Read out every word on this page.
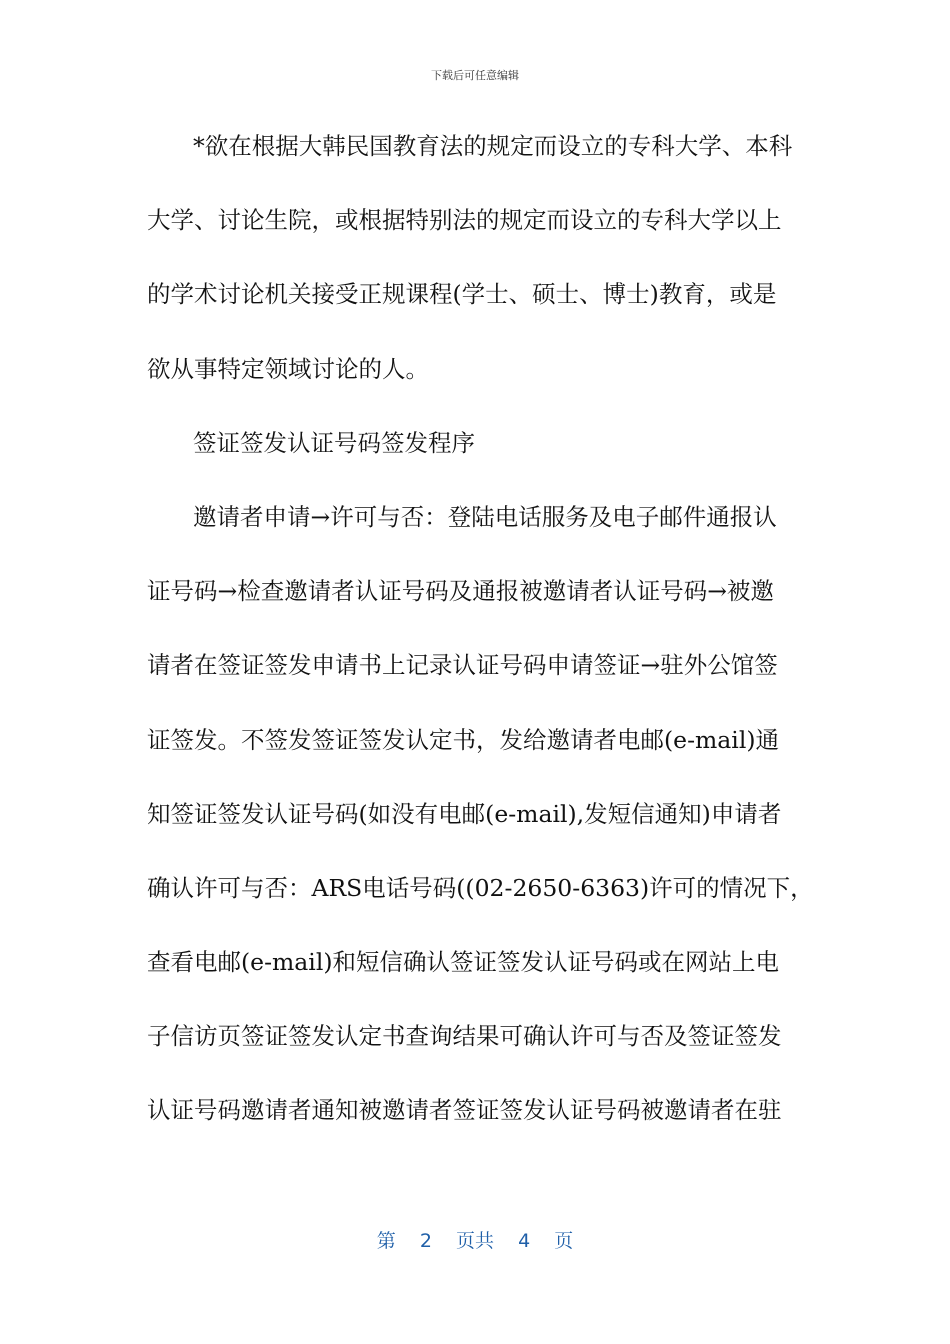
下载后可任意编辑
*欲在根据大韩民国教育法的规定而设立的专科大学、本科
大学、讨论生院，或根据特别法的规定而设立的专科大学以上
的学术讨论机关接受正规课程(学士、硕士、博士)教育，或是
欲从事特定领域讨论的人。
签证签发认证号码签发程序
邀请者申请→许可与否：登陆电话服务及电子邮件通报认
证号码→检查邀请者认证号码及通报被邀请者认证号码→被邀
请者在签证签发申请书上记录认证号码申请签证→驻外公馆签
证签发。不签发签证签发认定书，发给邀请者电邮(e-mail)通
知签证签发认证号码(如没有电邮(e-mail),发短信通知)申请者
确认许可与否：ARS电话号码((02-2650-6363)许可的情况下，
查看电邮(e-mail)和短信确认签证签发认证号码或在网站上电
子信访页签证签发认定书查询结果可确认许可与否及签证签发
认证号码邀请者通知被邀请者签证签发认证号码被邀请者在驻
第  2  页共  4  页
